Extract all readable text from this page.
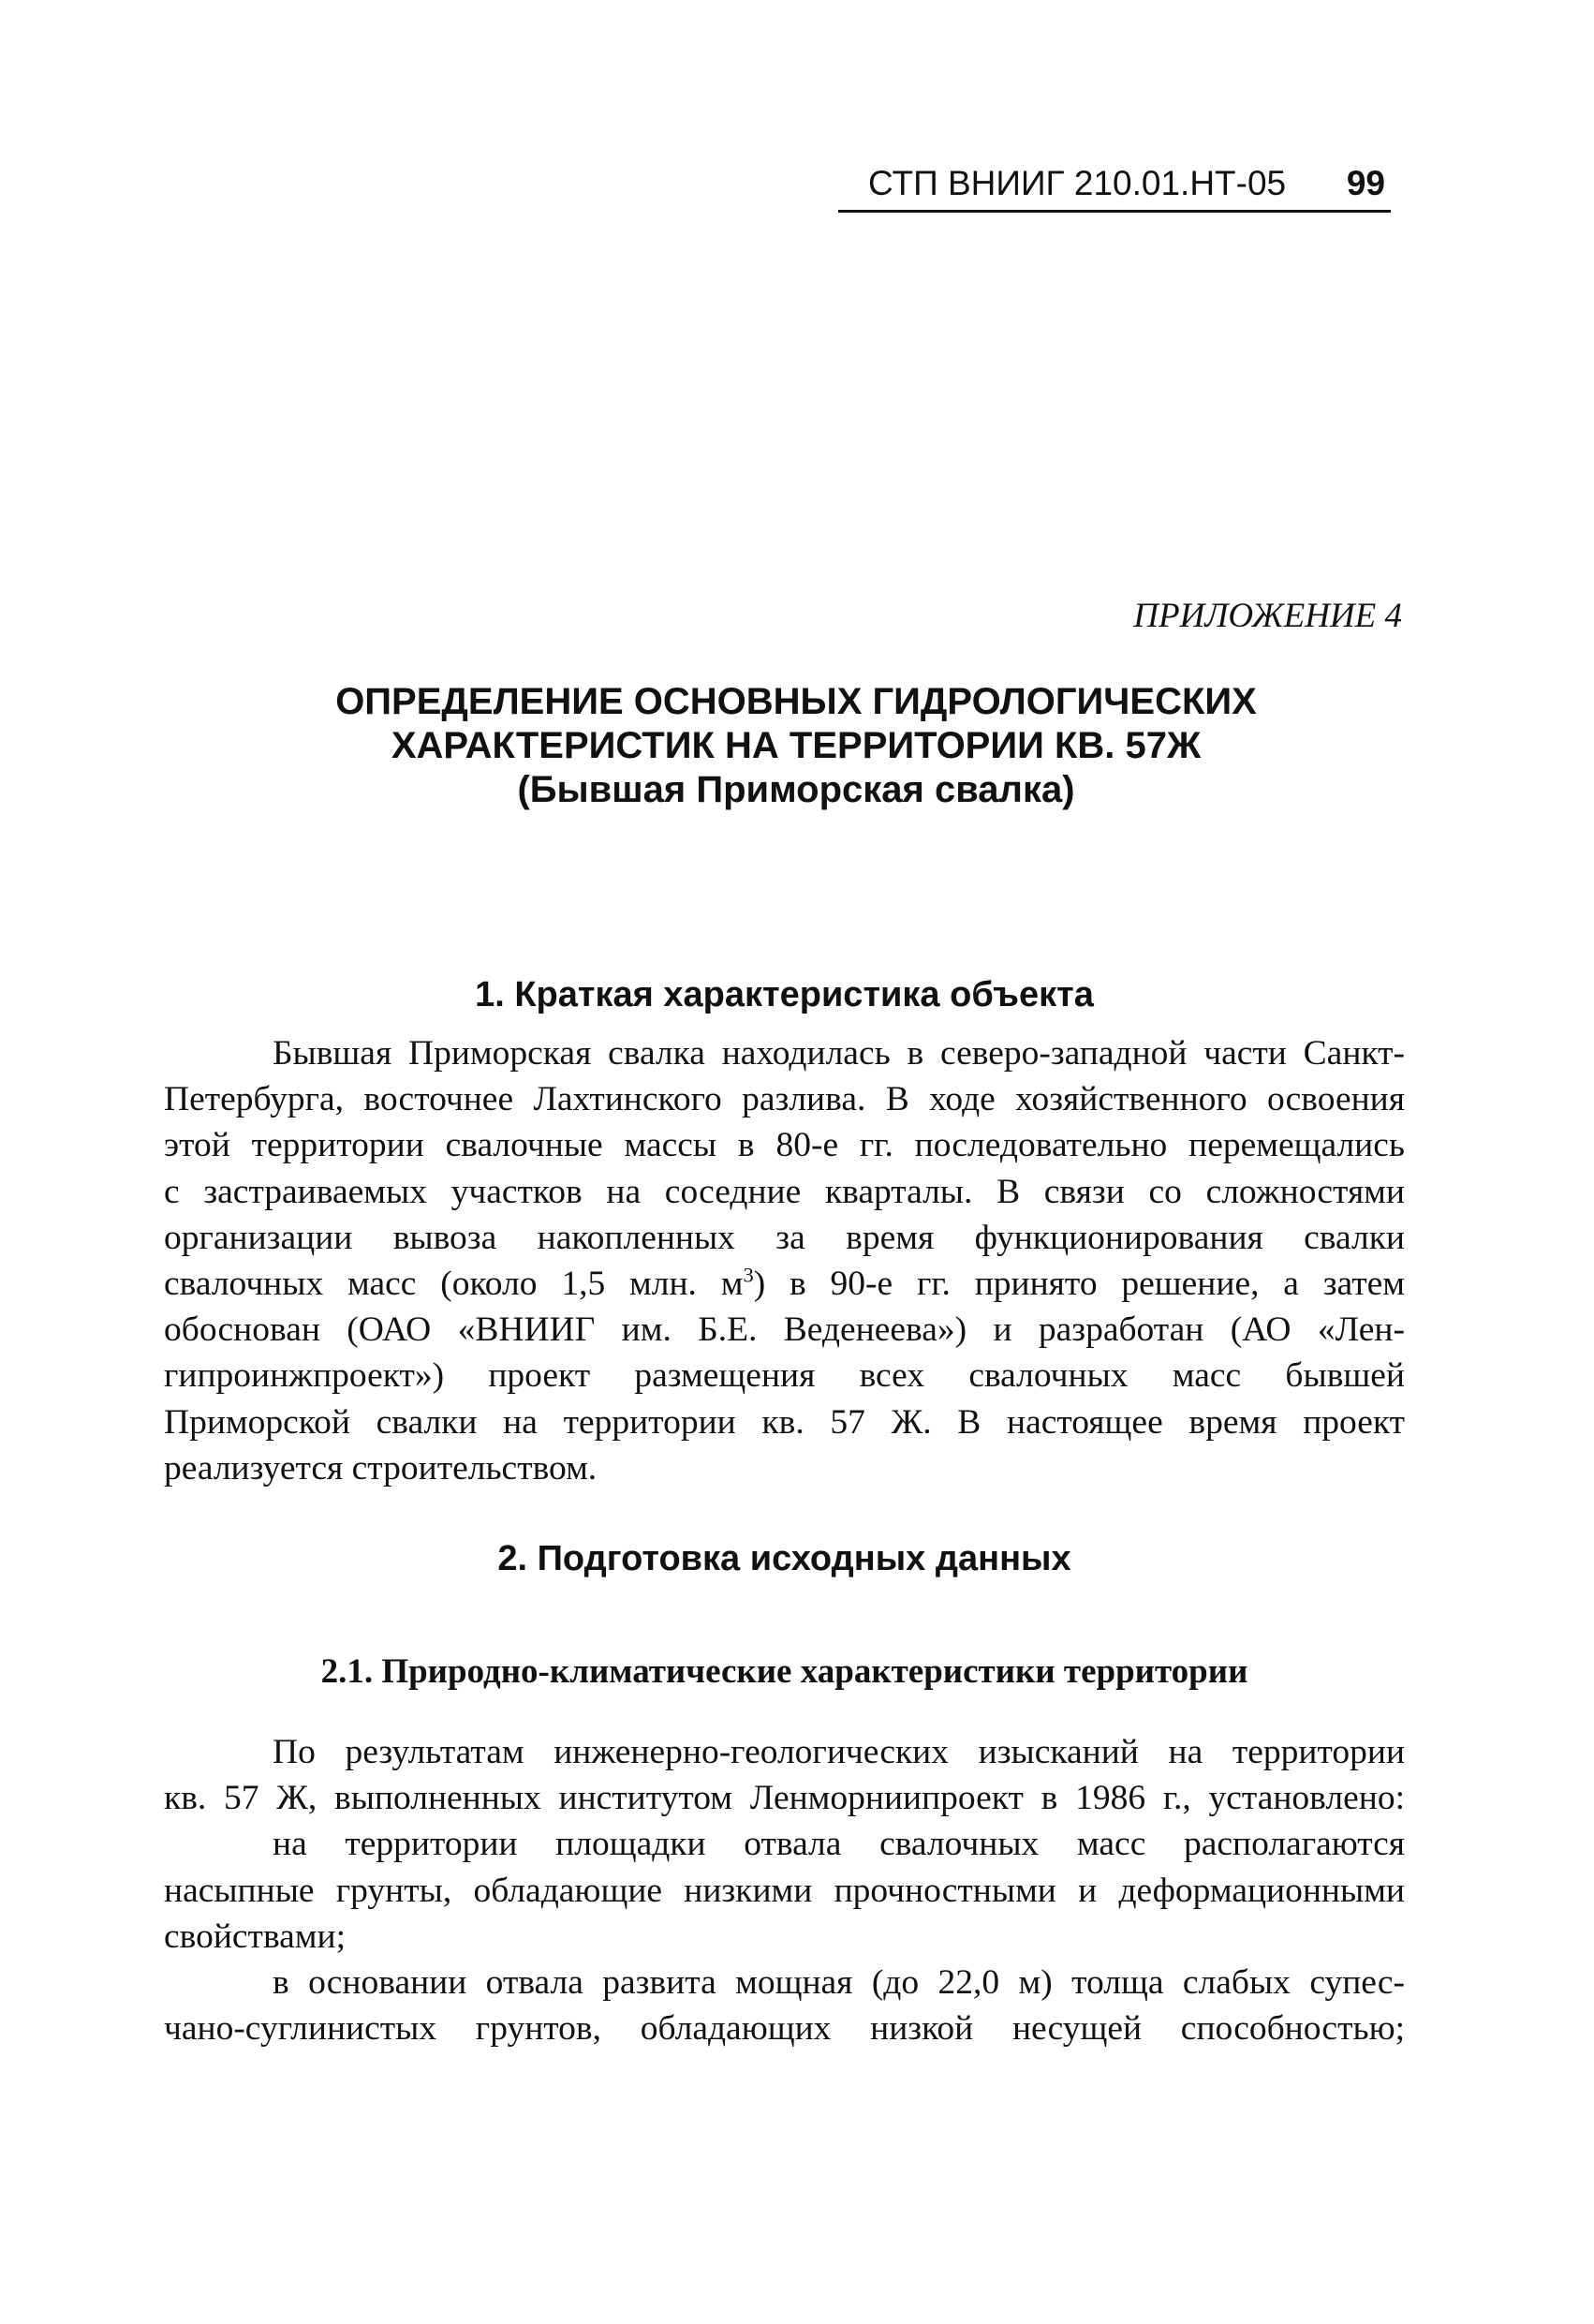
СТП ВНИИГ 210.01.НТ-05 99
ПРИЛОЖЕНИЕ 4
ОПРЕДЕЛЕНИЕ ОСНОВНЫХ ГИДРОЛОГИЧЕСКИХ
ХАРАКТЕРИСТИК НА ТЕРРИТОРИИ КВ. 57Ж
(Бывшая Приморская свалка)
1. Краткая характеристика объекта
Бывшая Приморская свалка находилась в северо-западной части Санкт-
Петербурга, восточнее Лахтинского разлива. В ходе хозяйственного освоения
этой территории свалочные массы в 80-е гг. последовательно перемещались
с застраиваемых участков на соседние кварталы. В связи со сложностями
организации вывоза накопленных за время функционирования свалки
свалочных масс (около 1,5 млн. $м^3$) в 90-е гг. принято решение, а затем
обоснован (ОАО «ВНИИГ им. Б.Е. Веденеева») и разработан (АО «Лен-
гипроинжпроект») проект размещения всех свалочных масс бывшей
Приморской свалки на территории кв. 57 Ж. В настоящее время проект
реализуется строительством.
2. Подготовка исходных данных
2.1. Природно-климатические характеристики территории
По результатам инженерно-геологических изысканий на территории
кв. 57 Ж, выполненных институтом Ленморниипроект в 1986 г., установлено:
на территории площадки отвала свалочных масс располагаются
насыпные грунты, обладающие низкими прочностными и деформационными
свойствами;
в основании отвала развита мощная (до 22,0 м) толща слабых супес-
чано-суглинистых грунтов, обладающих низкой несущей способностью;
